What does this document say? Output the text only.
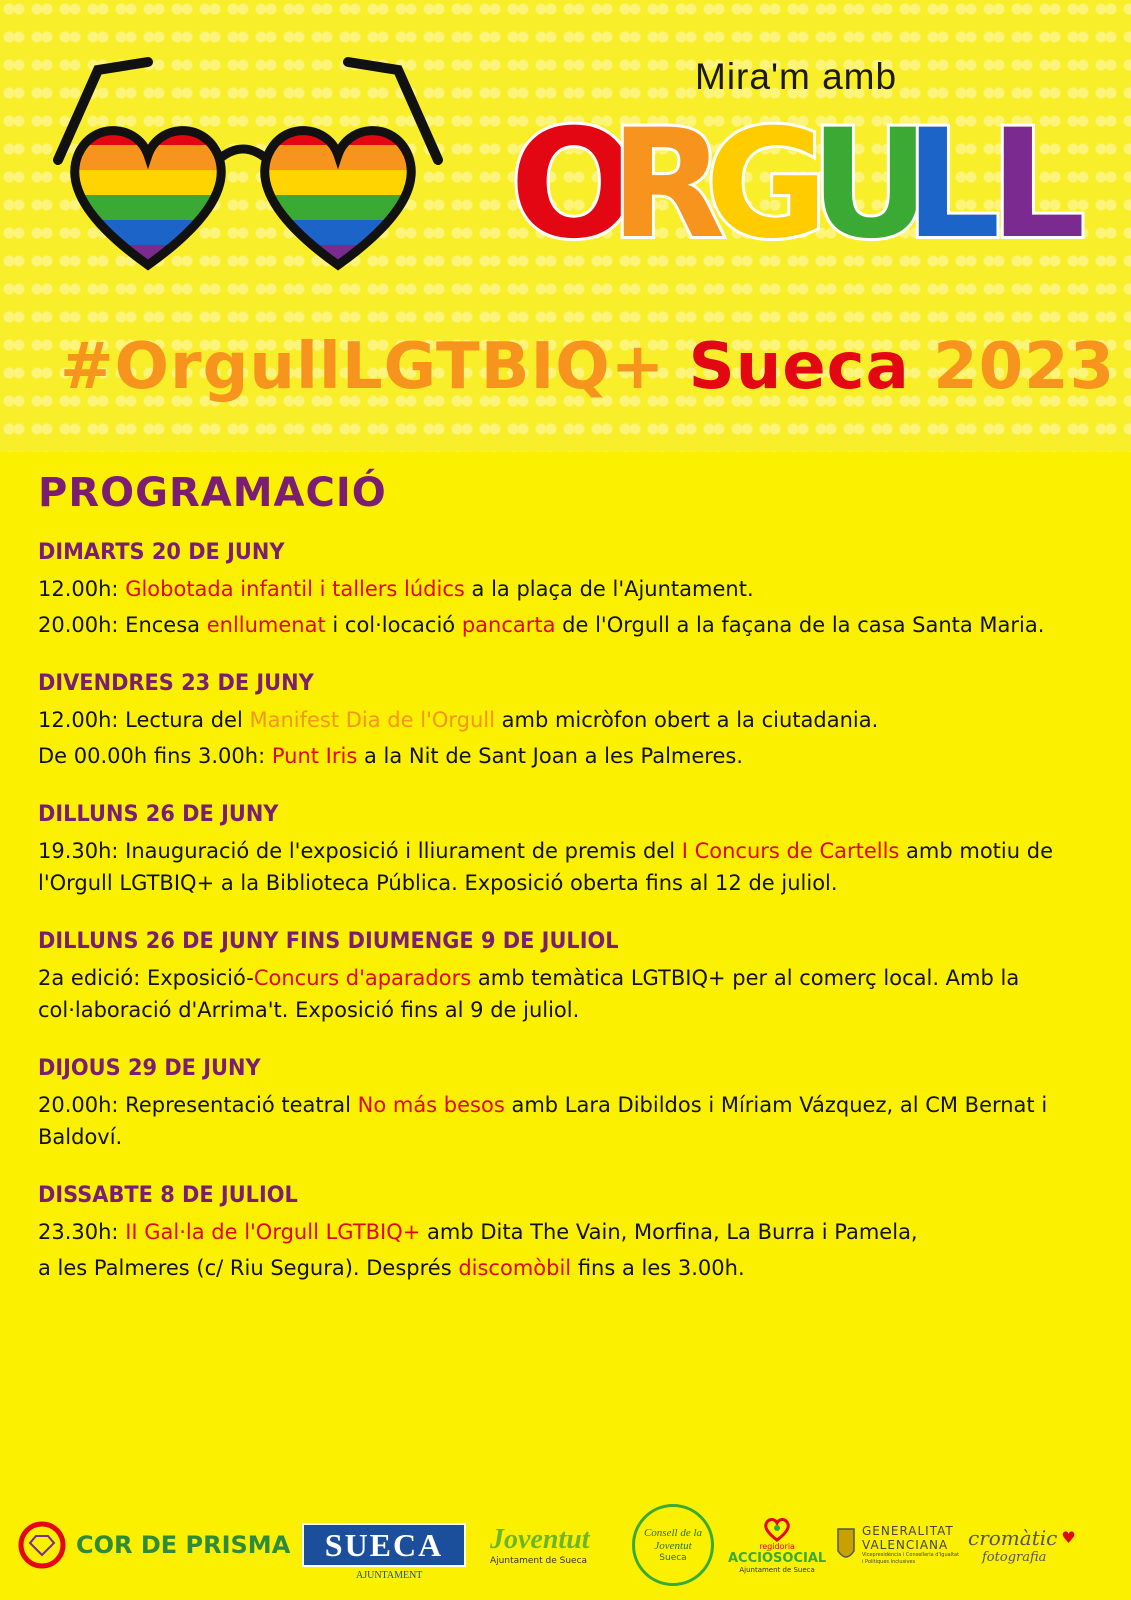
Mira'm amb
O
R
G
U
L
L
#OrgullLGTBIQ+ Sueca 2023
PROGRAMACIÓ
DIMARTS 20 DE JUNY
12.00h: Globotada infantil i tallers lúdics a la plaça de l'Ajuntament.
20.00h: Encesa enllumenat i col·locació pancarta de l'Orgull a la façana de la casa Santa Maria.
DIVENDRES 23 DE JUNY
12.00h: Lectura del Manifest Dia de l'Orgull amb micròfon obert a la ciutadania.
De 00.00h fins 3.00h: Punt Iris a la Nit de Sant Joan a les Palmeres.
DILLUNS 26 DE JUNY
19.30h: Inauguració de l'exposició i lliurament de premis del I Concurs de Cartells amb motiu de l'Orgull LGTBIQ+ a la Biblioteca Pública. Exposició oberta fins al 12 de juliol.
DILLUNS 26 DE JUNY FINS DIUMENGE 9 DE JULIOL
2a edició: Exposició-Concurs d'aparadors amb temàtica LGTBIQ+ per al comerç local. Amb la col·laboració d'Arrima't. Exposició fins al 9 de juliol.
DIJOUS 29 DE JUNY
20.00h: Representació teatral No más besos amb Lara Dibildos i Míriam Vázquez, al CM Bernat i Baldoví.
DISSABTE 8 DE JULIOL
23.30h: II Gal·la de l'Orgull LGTBIQ+ amb Dita The Vain, Morfina, La Burra i Pamela,
a les Palmeres (c/ Riu Segura). Després discomòbil fins a les 3.00h.
COR DE PRISMA SUECA
AJUNTAMENT
Joventut
Ajuntament de Sueca
Consell de la Joventut
Sueca
regidoria
ACCIÓSOCIAL
Ajuntament de Sueca
GENERALITAT
VALENCIANA
Vicepresidència i Conselleria d'Igualtat i Polítiques Inclusives
cromàtic ♥
fotografia
